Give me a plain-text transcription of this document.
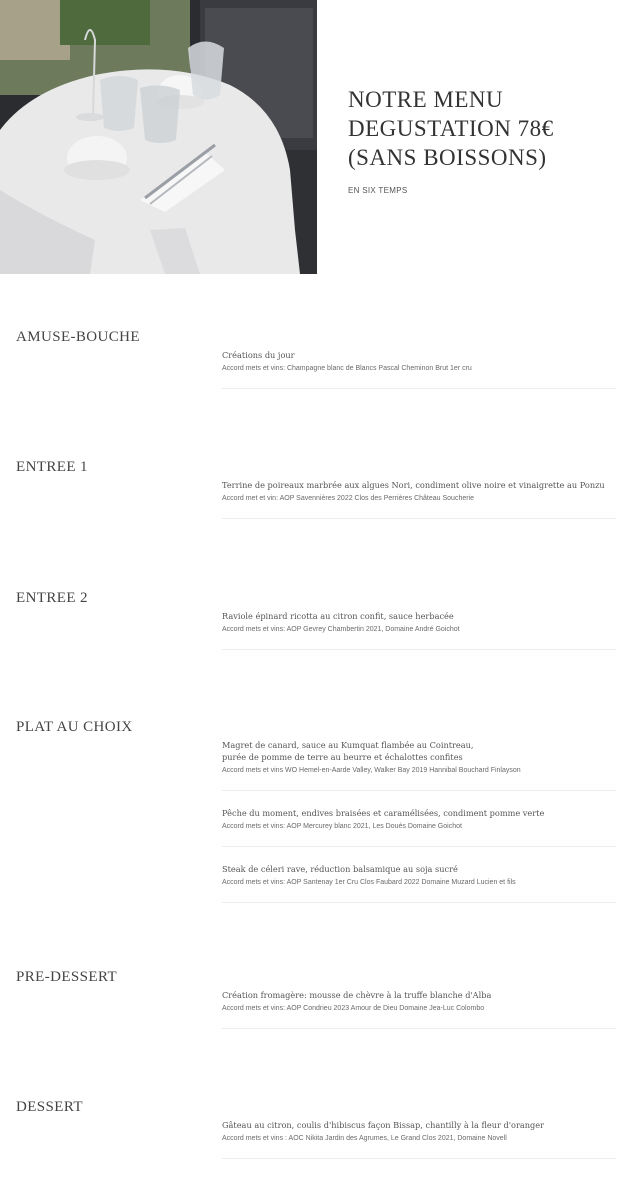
NOTRE MENU
DEGUSTATION 78€
(SANS BOISSONS)
EN SIX TEMPS
AMUSE-BOUCHE

Créations du jour

Accord mets et vins: Champagne blanc de Blancs Pascal Cheminon Brut 1er cru

ENTREE 1

Terrine de poireaux marbrée aux algues Nori, condiment olive noire et vinaigrette au Ponzu

Accord met et vin: AOP Savennières 2022 Clos des Perrières Château Soucherie

ENTREE 2

Raviole épinard ricotta au citron confit, sauce herbacée

Accord mets et vins: AOP Gevrey Chambertin 2021, Domaine André Goichot

PLAT AU CHOIX

Magret de canard, sauce au Kumquat flambée au Cointreau,
purée de pomme de terre au beurre et échalottes confites

Accord mets et vins WO Hemel-en-Aarde Valley, Walker Bay 2019 Hannibal Bouchard Finlayson

Pêche du moment, endives braisées et caramélisées, condiment pomme verte

Accord mets et vins: AOP Mercurey blanc 2021, Les Doués Domaine Goichot

Steak de céleri rave, réduction balsamique au soja sucré

Accord mets et vins: AOP Santenay 1er Cru Clos Faubard 2022 Domaine Muzard Lucien et fils

PRE-DESSERT

Création fromagère: mousse de chèvre à la truffe blanche d'Alba

Accord mets et vins: AOP Condrieu 2023 Amour de Dieu Domaine Jea-Luc Colombo

DESSERT

Gâteau au citron, coulis d'hibiscus façon Bissap, chantilly à la fleur d'oranger

Accord mets et vins : AOC Nikita Jardin des Agrumes, Le Grand Clos 2021, Domaine Novell
